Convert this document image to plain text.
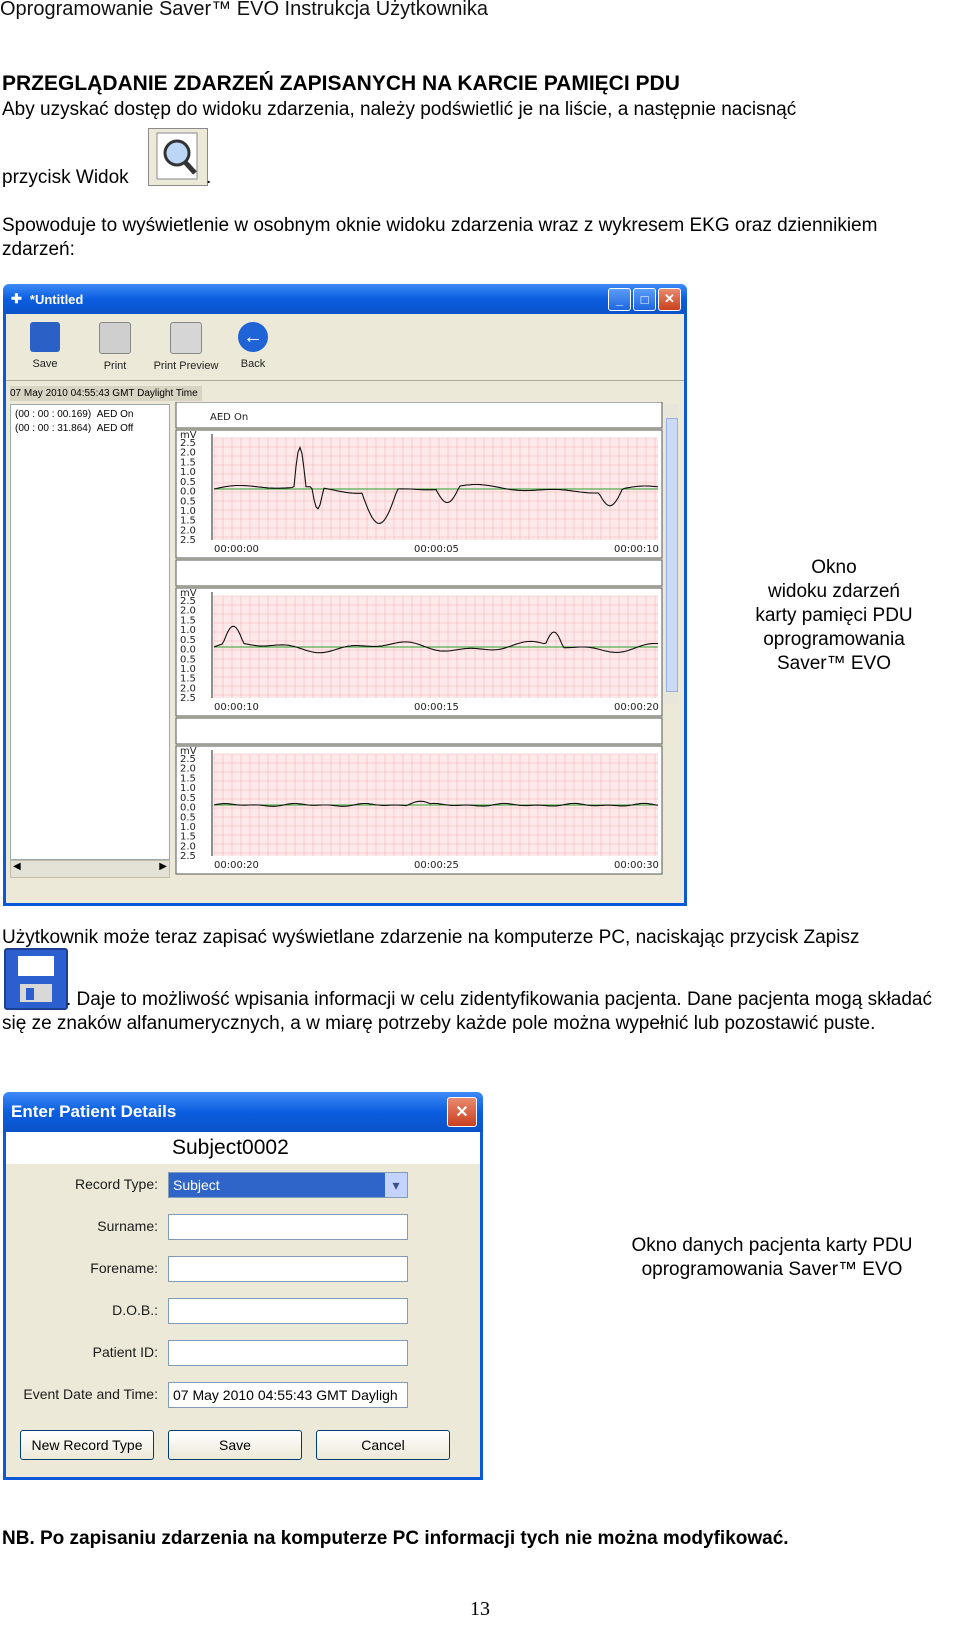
Oprogramowanie Saver™ EVO Instrukcja Użytkownika
PRZEGLĄDANIE ZDARZEŃ ZAPISANYCH NA KARCIE PAMIĘCI PDU
Aby uzyskać dostęp do widoku zdarzenia, należy podświetlić je na liście, a następnie nacisnąć
przycisk Widok	.
Spowoduje to wyświetlenie w osobnym oknie widoku zdarzenia wraz z wykresem EKG oraz dziennikiem zdarzeń:
✚ *Untitled	_	□	✕
Save	Print	Print Preview
←
Back
07 May 2010 04:55:43 GMT Daylight Time
(00 : 00 : 00.169) AED On
(00 : 00 : 31.864) AED Off
◀	▶
AED On
mV
2.5
2.0
1.5
1.0
0.5
0.0
0.5
1.0
1.5
2.0
2.5
00:00:00	00:00:05	00:00:10
mV
2.5
2.0
1.5
1.0
0.5
0.0
0.5
1.0
1.5
2.0
2.5
00:00:10	00:00:15	00:00:20
mV
2.5
2.0
1.5
1.0
0.5
0.0
0.5
1.0
1.5
2.0
2.5
00:00:20	00:00:25	00:00:30
Okno
widoku zdarzeń
karty pamięci PDU
oprogramowania
Saver™ EVO
Użytkownik może teraz zapisać wyświetlane zdarzenie na komputerze PC, naciskając przycisk Zapisz
. Daje to możliwość wpisania informacji w celu zidentyfikowania pacjenta. Dane pacjenta mogą składać się ze znaków alfanumerycznych, a w miarę potrzeby każde pole można wypełnić lub pozostawić puste.
Enter Patient Details	✕
Subject0002
Record Type:	Subject	▾
Surname:
Forename:
D.O.B.:
Patient ID:
Event Date and Time:	07 May 2010 04:55:43 GMT Dayligh
New Record Type	Save	Cancel
Okno danych pacjenta karty PDU
oprogramowania Saver™ EVO
NB. Po zapisaniu zdarzenia na komputerze PC informacji tych nie można modyfikować.
13
